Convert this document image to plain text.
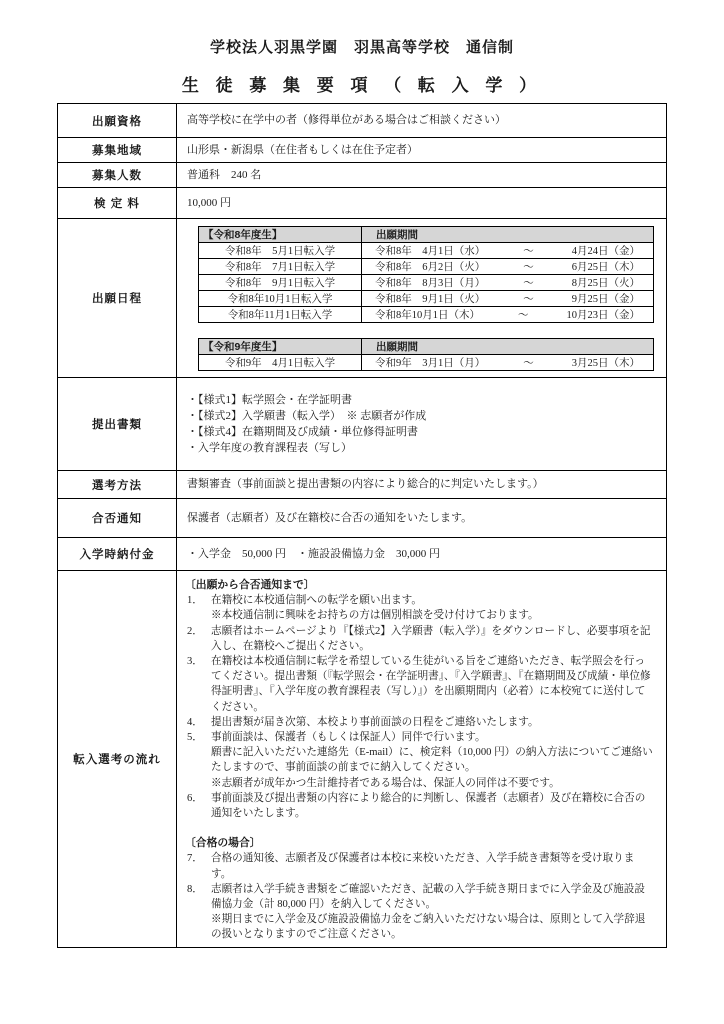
学校法人羽黒学園　羽黒高等学校　通信制
生 徒 募 集 要 項 （ 転 入 学 ）
出願資格	高等学校に在学中の者（修得単位がある場合はご相談ください）
募集地域	山形県・新潟県（在住者もしくは在住予定者）
募集人数	普通科　240 名
検 定 料	10,000 円
出願日程	
【令和8年度生】	出願期間
令和8年　5月1日転入学	令和8年　4月1日（水）	～	4月24日（金）

令和8年　7月1日転入学	令和8年　6月2日（火）	～	6月25日（木）

令和8年　9月1日転入学	令和8年　8月3日（月）	～	8月25日（火）

令和8年10月1日転入学	令和8年　9月1日（火）	～	9月25日（金）

令和8年11月1日転入学	令和8年10月1日（木）	～	10月23日（金）
【令和9年度生】	出願期間
令和9年　4月1日転入学	令和9年　3月1日（月）	～	3月25日（木）

提出書類	
・【様式1】転学照会・在学証明書
・【様式2】入学願書（転入学）　※ 志願者が作成
・【様式4】在籍期間及び成績・単位修得証明書
・入学年度の教育課程表（写し）

選考方法	書類審査（事前面談と提出書類の内容により総合的に判定いたします。）
合否通知	保護者（志願者）及び在籍校に合否の通知をいたします。
入学時納付金	・入学金　50,000 円　・施設設備協力金　30,000 円
転入選考の流れ	
〔出願から合否通知まで〕
1． 在籍校に本校通信制への転学を願い出ます。
※本校通信制に興味をお持ちの方は個別相談を受け付けております。
2． 志願者はホームページより『【様式2】入学願書（転入学）』をダウンロードし、必要事項を記入し、在籍校へご提出ください。
3． 在籍校は本校通信制に転学を希望している生徒がいる旨をご連絡いただき、転学照会を行ってください。提出書類（『転学照会・在学証明書』、『入学願書』、『在籍期間及び成績・単位修得証明書』、『入学年度の教育課程表（写し）』）を出願期間内（必着）に本校宛てに送付してください。
4． 提出書類が届き次第、本校より事前面談の日程をご連絡いたします。
5． 事前面談は、保護者（もしくは保証人）同伴で行います。
願書に記入いただいた連絡先（E-mail）に、検定料（10,000 円）の納入方法についてご連絡いたしますので、事前面談の前までに納入してください。
※志願者が成年かつ生計維持者である場合は、保証人の同伴は不要です。
6． 事前面談及び提出書類の内容により総合的に判断し、保護者（志願者）及び在籍校に合否の通知をいたします。
〔合格の場合〕
7． 合格の通知後、志願者及び保護者は本校に来校いただき、入学手続き書類等を受け取ります。
8． 志願者は入学手続き書類をご確認いただき、記載の入学手続き期日までに入学金及び施設設備協力金（計 80,000 円）を納入してください。
※期日までに入学金及び施設設備協力金をご納入いただけない場合は、原則として入学辞退の扱いとなりますのでご注意ください。
